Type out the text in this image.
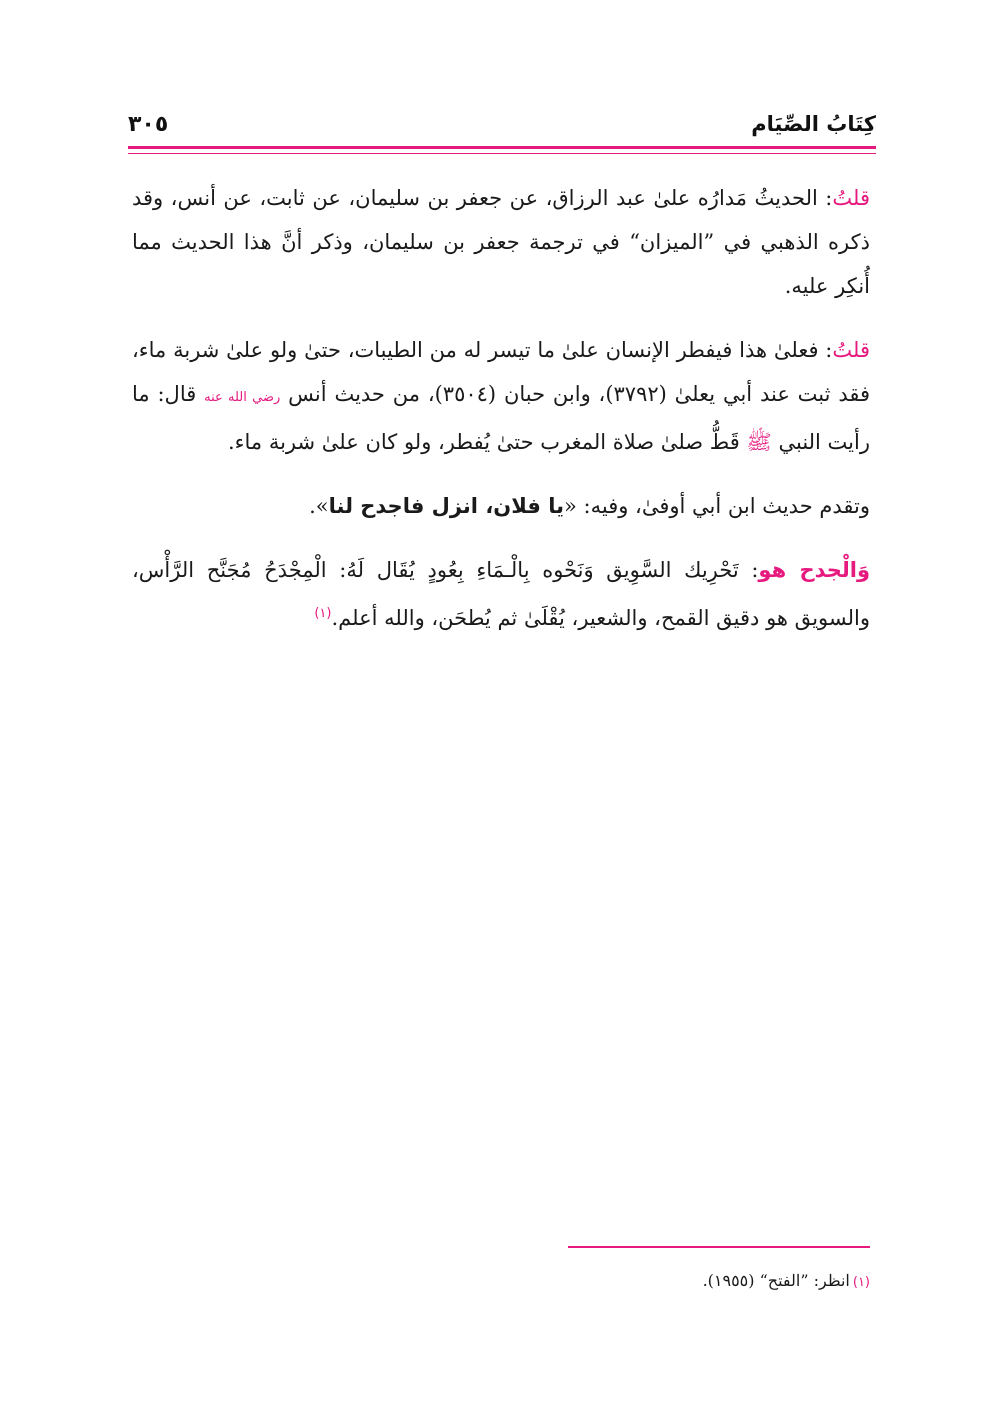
كِتَابُ الصِّيَام
٣٠٥

قلتُ: الحديثُ مَدارُه علىٰ عبد الرزاق، عن جعفر بن سليمان، عن ثابت، عن أنس، وقد ذكره الذهبي في ”الميزان“ في ترجمة جعفر بن سليمان، وذكر أنَّ هذا الحديث مما أُنكِر عليه.

قلتُ: فعلىٰ هذا فيفطر الإنسان علىٰ ما تيسر له من الطيبات، حتىٰ ولو علىٰ شربة ماء، فقد ثبت عند أبي يعلىٰ (٣٧٩٢)، وابن حبان (٣٥٠٤)، من حديث أنس رضي الله عنه قال: ما رأيت النبي ﷺ قَطُّ صلىٰ صلاة المغرب حتىٰ يُفطر، ولو كان علىٰ شربة ماء.

وتقدم حديث ابن أبي أوفىٰ، وفيه: «يا فلان، انزل فاجدح لنا».

وَالْجدح هو: تَحْرِيك السَّوِيق وَنَحْوه بِالْـمَاءِ بِعُودٍ يُقَال لَهُ: الْمِجْدَحُ مُجَنَّح الرَّأْس، والسويق هو دقيق القمح، والشعير، يُقْلَىٰ ثم يُطحَن، والله أعلم.$^{(١)}$

(١)انظر: ”الفتح“ (١٩٥٥).
